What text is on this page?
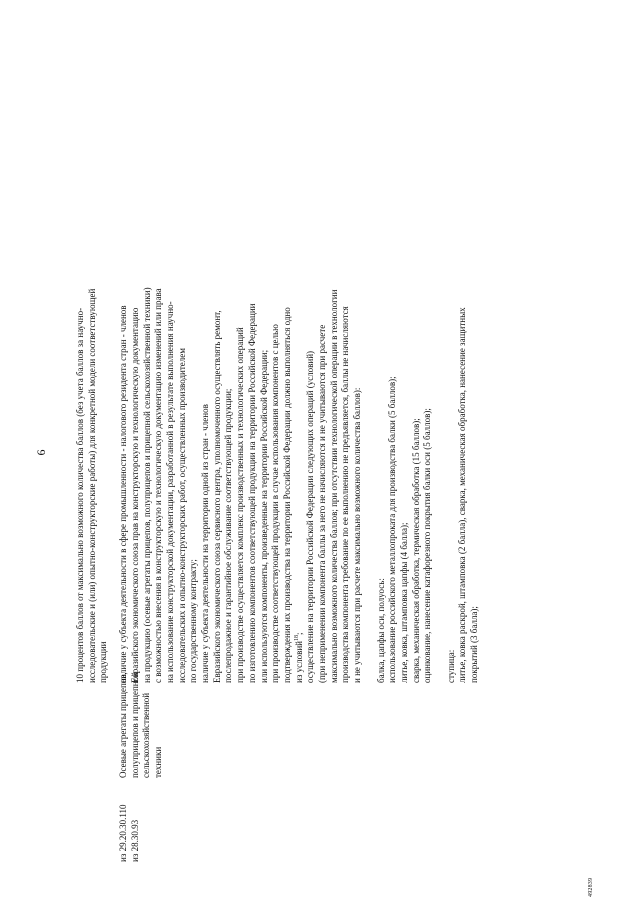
6
из 29.20.30.110 из 28.30.93
Осевые агрегаты прицепов, полуприцепов и прицепной сельскохозяйственной техники
10 процентов баллов от максимально возможного количества баллов (без учета баллов за научно- исследовательские и (или) опытно-конструкторские работы) для конкретной модели соответствующей продукции наличие у субъекта деятельности в сфере промышленности - налогового резидента стран - членов Евразийского экономического союза прав на конструкторскую и технологическую документацию на продукцию (осевые агрегаты прицепов, полуприцепов и прицепной сельскохозяйственной техники) с возможностью внесения в конструкторскую и технологическую документацию изменений или права на использование конструкторской документации, разработанной в результате выполнения научно- исследовательских и опытно-конструкторских работ, осуществленных производителем по государственному контракту; наличие у субъекта деятельности на территории одной из стран - членов Евразийского экономического союза сервисного центра, уполномоченного осуществлять ремонт, послепродажное и гарантийное обслуживание соответствующей продукции; при производстве осуществляется комплекс производственных и технологических операций по изготовлению компонентов соответствующей продукции на территории Российской Федерации или используются компоненты, произведенные на территории Российской Федерации; при производстве соответствующей продукции в случае использования компонентов с целью подтверждения их производства на территории Российской Федерации должно выполняться одно из условий$^{18}$; осуществление на территории Российской Федерации следующих операций (условий) (при неприменении компонента баллы за него не начисляются и не учитываются при расчете максимально возможного количества баллов; при отсутствии технологической операции в технологии производства компонента требование по ее выполнению не предъявляется, баллы не начисляются и не учитываются при расчете максимально возможного количества баллов): балка, цапфы оси, полуось: использование российского металлопроката для производства балки (5 баллов); литье, ковка, штамповка цапфы (4 балла); сварка, механическая обработка, термическая обработка (15 баллов); оцинкование, нанесение катафорезного покрытия балки оси (5 баллов); ступица: литье, ковка раскрой, штамповка (2 балла), сварка, механическая обработка, нанесение защитных покрытий (3 балла);
492839
